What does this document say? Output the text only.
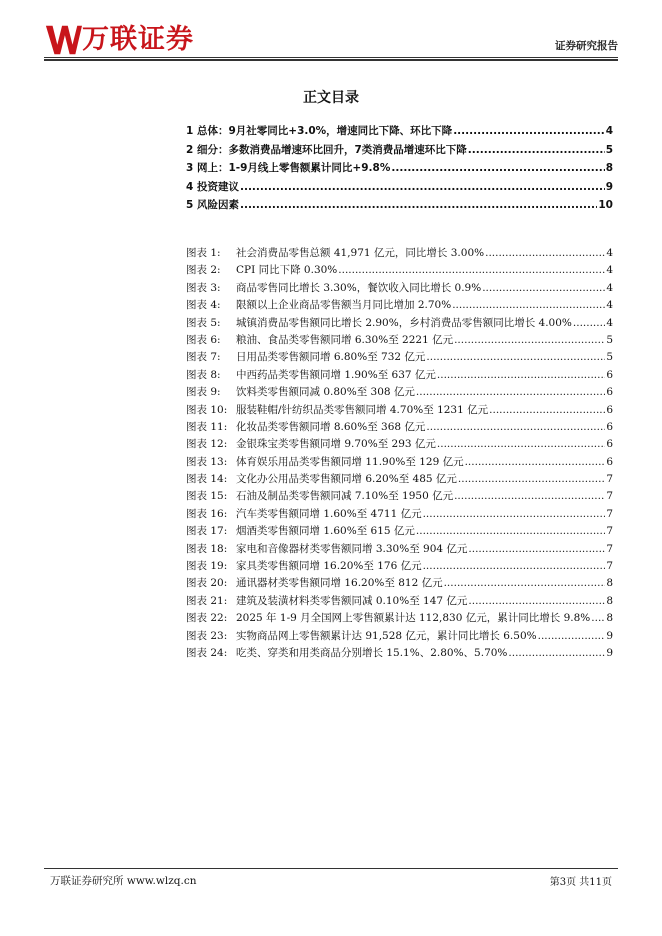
万联证券	证券研究报告
正文目录
1 总体：9月社零同比+3.0%，增速同比下降、环比下降 .....	4
2 细分：多数消费品增速环比回升，7类消费品增速环比下降 .....	5
3 网上：1-9月线上零售额累计同比+9.8% .....	8
4 投资建议 .....	9
5 风险因素 .....	10
图表 1:	社会消费品零售总额 41,971 亿元，同比增长 3.00% .....	4
图表 2:	CPI 同比下降 0.30% .....	4
图表 3:	商品零售同比增长 3.30%，餐饮收入同比增长 0.9% .....	4
图表 4:	限额以上企业商品零售额当月同比增加 2.70% .....	4
图表 5:	城镇消费品零售额同比增长 2.90%，乡村消费品零售额同比增长 4.00% .....	4
图表 6:	粮油、食品类零售额同增 6.30%至 2221 亿元 .....	5
图表 7:	日用品类零售额同增 6.80%至 732 亿元 .....	5
图表 8:	中西药品类零售额同增 1.90%至 637 亿元 .....	6
图表 9:	饮料类零售额同减 0.80%至 308 亿元 .....	6
图表 10: 服装鞋帽/针纺织品类零售额同增 4.70%至 1231 亿元 .....	6
图表 11: 化妆品类零售额同增 8.60%至 368 亿元 .....	6
图表 12: 金银珠宝类零售额同增 9.70%至 293 亿元 .....	6
图表 13: 体育娱乐用品类零售额同增 11.90%至 129 亿元 .....	6
图表 14: 文化办公用品类零售额同增 6.20%至 485 亿元 .....	7
图表 15: 石油及制品类零售额同减 7.10%至 1950 亿元 .....	7
图表 16: 汽车类零售额同增 1.60%至 4711 亿元 .....	7
图表 17: 烟酒类零售额同增 1.60%至 615 亿元 .....	7
图表 18: 家电和音像器材类零售额同增 3.30%至 904 亿元 .....	7
图表 19: 家具类零售额同增 16.20%至 176 亿元 .....	7
图表 20: 通讯器材类零售额同增 16.20%至 812 亿元 .....	8
图表 21: 建筑及装潢材料类零售额同减 0.10%至 147 亿元 .....	8
图表 22: 2025 年 1-9 月全国网上零售额累计达 112,830 亿元，累计同比增长 9.8% ..... 8
图表 23: 实物商品网上零售额累计达 91,528 亿元，累计同比增长 6.50% .....	9
图表 24: 吃类、穿类和用类商品分别增长 15.1%、2.80%、5.70% .....	9
万联证券研究所 www.wlzq.cn	第3页 共11页
